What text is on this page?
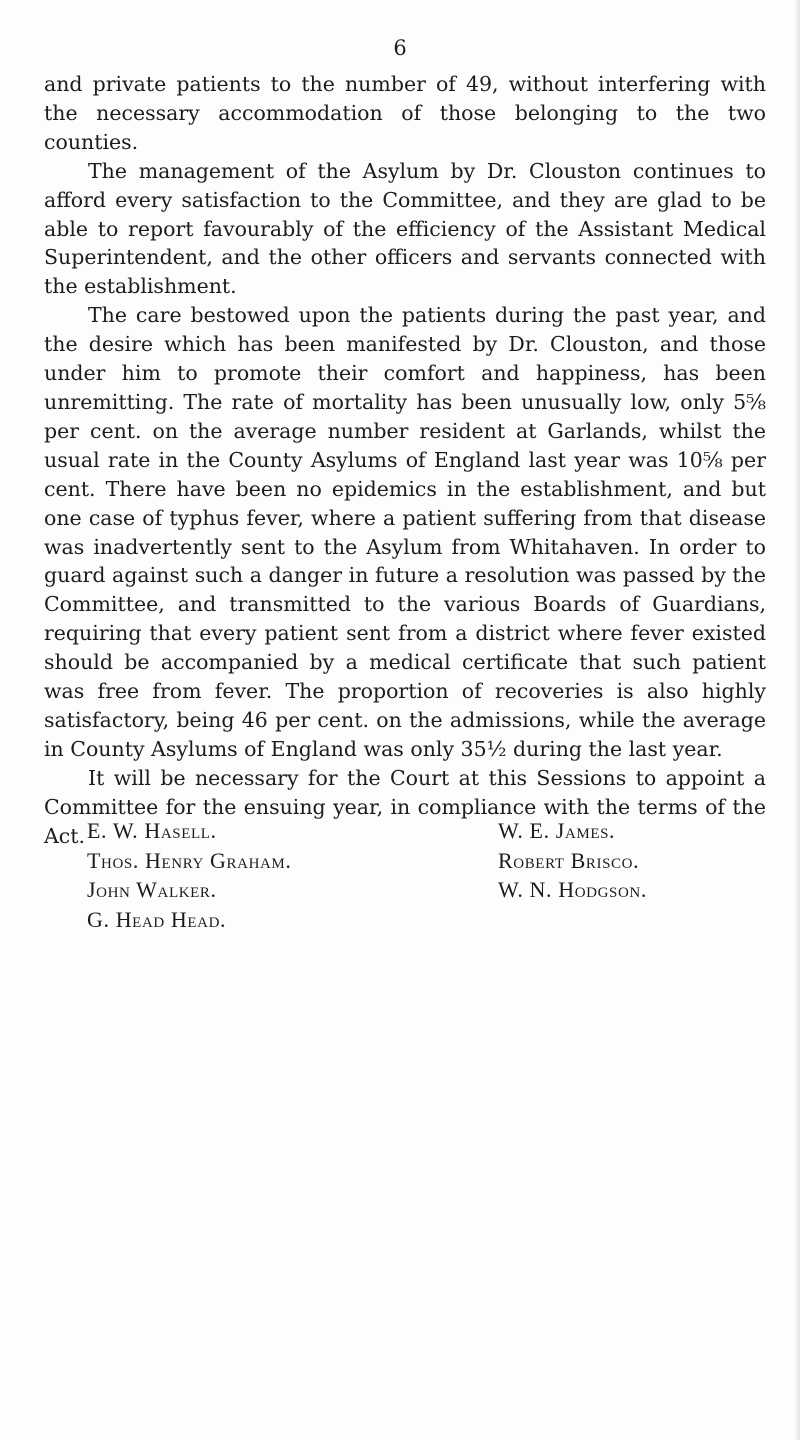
6

and private patients to the number of 49, without interfering with the necessary accommodation of those belonging to the two counties.

The management of the Asylum by Dr. Clouston continues to afford every satisfaction to the Committee, and they are glad to be able to report favourably of the efficiency of the Assistant Medical Superintendent, and the other officers and servants connected with the establishment.

The care bestowed upon the patients during the past year, and the desire which has been manifested by Dr. Clouston, and those under him to promote their comfort and happiness, has been unremitting. The rate of mortality has been unusually low, only 5⅝ per cent. on the average number resident at Garlands, whilst the usual rate in the County Asylums of England last year was 10⅝ per cent. There have been no epidemics in the establishment, and but one case of typhus fever, where a patient suffering from that disease was inadvertently sent to the Asylum from Whitahaven. In order to guard against such a danger in future a resolution was passed by the Committee, and transmitted to the various Boards of Guardians, requiring that every patient sent from a district where fever existed should be accompanied by a medical certificate that such patient was free from fever. The proportion of recoveries is also highly satisfactory, being 46 per cent. on the admissions, while the average in County Asylums of England was only 35½ during the last year.

It will be necessary for the Court at this Sessions to appoint a Committee for the ensuing year, in compliance with the terms of the Act. E. W. Hasell.
Thos. Henry Graham.
John Walker.
G. Head Head.
W. E. James.
Robert Brisco.
W. N. Hodgson.
